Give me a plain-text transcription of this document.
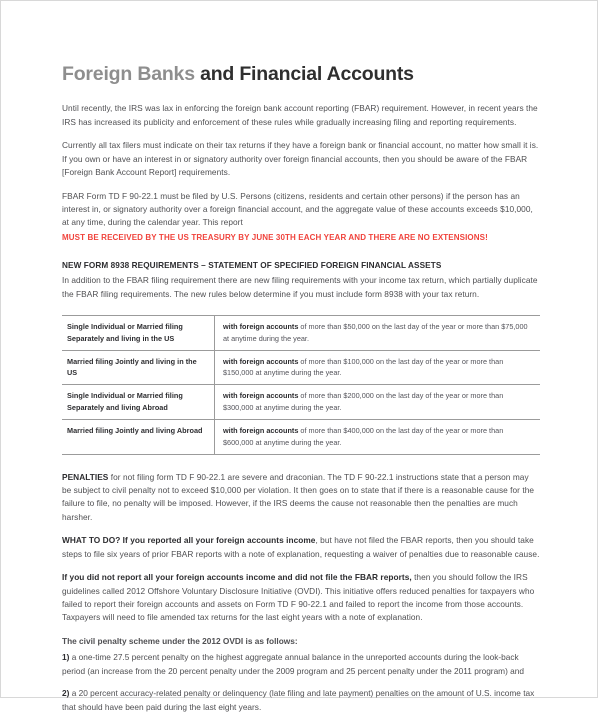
Foreign Banks and Financial Accounts

Until recently, the IRS was lax in enforcing the foreign bank account reporting (FBAR) requirement. However, in recent years the IRS has increased its publicity and enforcement of these rules while gradually increasing filing and reporting requirements.

Currently all tax filers must indicate on their tax returns if they have a foreign bank or financial account, no matter how small it is. If you own or have an interest in or signatory authority over foreign financial accounts, then you should be aware of the FBAR [Foreign Bank Account Report] requirements.

FBAR Form TD F 90-22.1 must be filed by U.S. Persons (citizens, residents and certain other persons) if the person has an interest in, or signatory authority over a foreign financial account, and the aggregate value of these accounts exceeds $10,000, at any time, during the calendar year. This report
MUST BE RECEIVED BY THE US TREASURY BY JUNE 30TH EACH YEAR AND THERE ARE NO EXTENSIONS!

NEW FORM 8938 REQUIREMENTS – STATEMENT OF SPECIFIED FOREIGN FINANCIAL ASSETS

In addition to the FBAR filing requirement there are new filing requirements with your income tax return, which partially duplicate the FBAR filing requirements. The new rules below determine if you must include form 8938 with your tax return.

Single Individual or Married filing Separately and living in the US	with foreign accounts of more than $50,000 on the last day of the year or more than $75,000 at anytime during the year.
Married filing Jointly and living in the US	with foreign accounts of more than $100,000 on the last day of the year or more than $150,000 at anytime during the year.
Single Individual or Married filing Separately and living Abroad	with foreign accounts of more than $200,000 on the last day of the year or more than $300,000 at anytime during the year.
Married filing Jointly and living Abroad	with foreign accounts of more than $400,000 on the last day of the year or more than $600,000 at anytime during the year.

PENALTIES for not filing form TD F 90-22.1 are severe and draconian. The TD F 90-22.1 instructions state that a person may be subject to civil penalty not to exceed $10,000 per violation. It then goes on to state that if there is a reasonable cause for the failure to file, no penalty will be imposed. However, if the IRS deems the cause not reasonable then the penalties are much harsher.

WHAT TO DO? If you reported all your foreign accounts income, but have not filed the FBAR reports, then you should take steps to file six years of prior FBAR reports with a note of explanation, requesting a waiver of penalties due to reasonable cause.

If you did not report all your foreign accounts income and did not file the FBAR reports, then you should follow the IRS guidelines called 2012 Offshore Voluntary Disclosure Initiative (OVDI). This initiative offers reduced penalties for taxpayers who failed to report their foreign accounts and assets on Form TD F 90-22.1 and failed to report the income from those accounts. Taxpayers will need to file amended tax returns for the last eight years with a note of explanation.

The civil penalty scheme under the 2012 OVDI is as follows:

1) a one-time 27.5 percent penalty on the highest aggregate annual balance in the unreported accounts during the look-back period (an increase from the 20 percent penalty under the 2009 program and 25 percent penalty under the 2011 program) and

2) a 20 percent accuracy-related penalty or delinquency (late filing and late payment) penalties on the amount of U.S. income tax that should have been paid during the last eight years.
